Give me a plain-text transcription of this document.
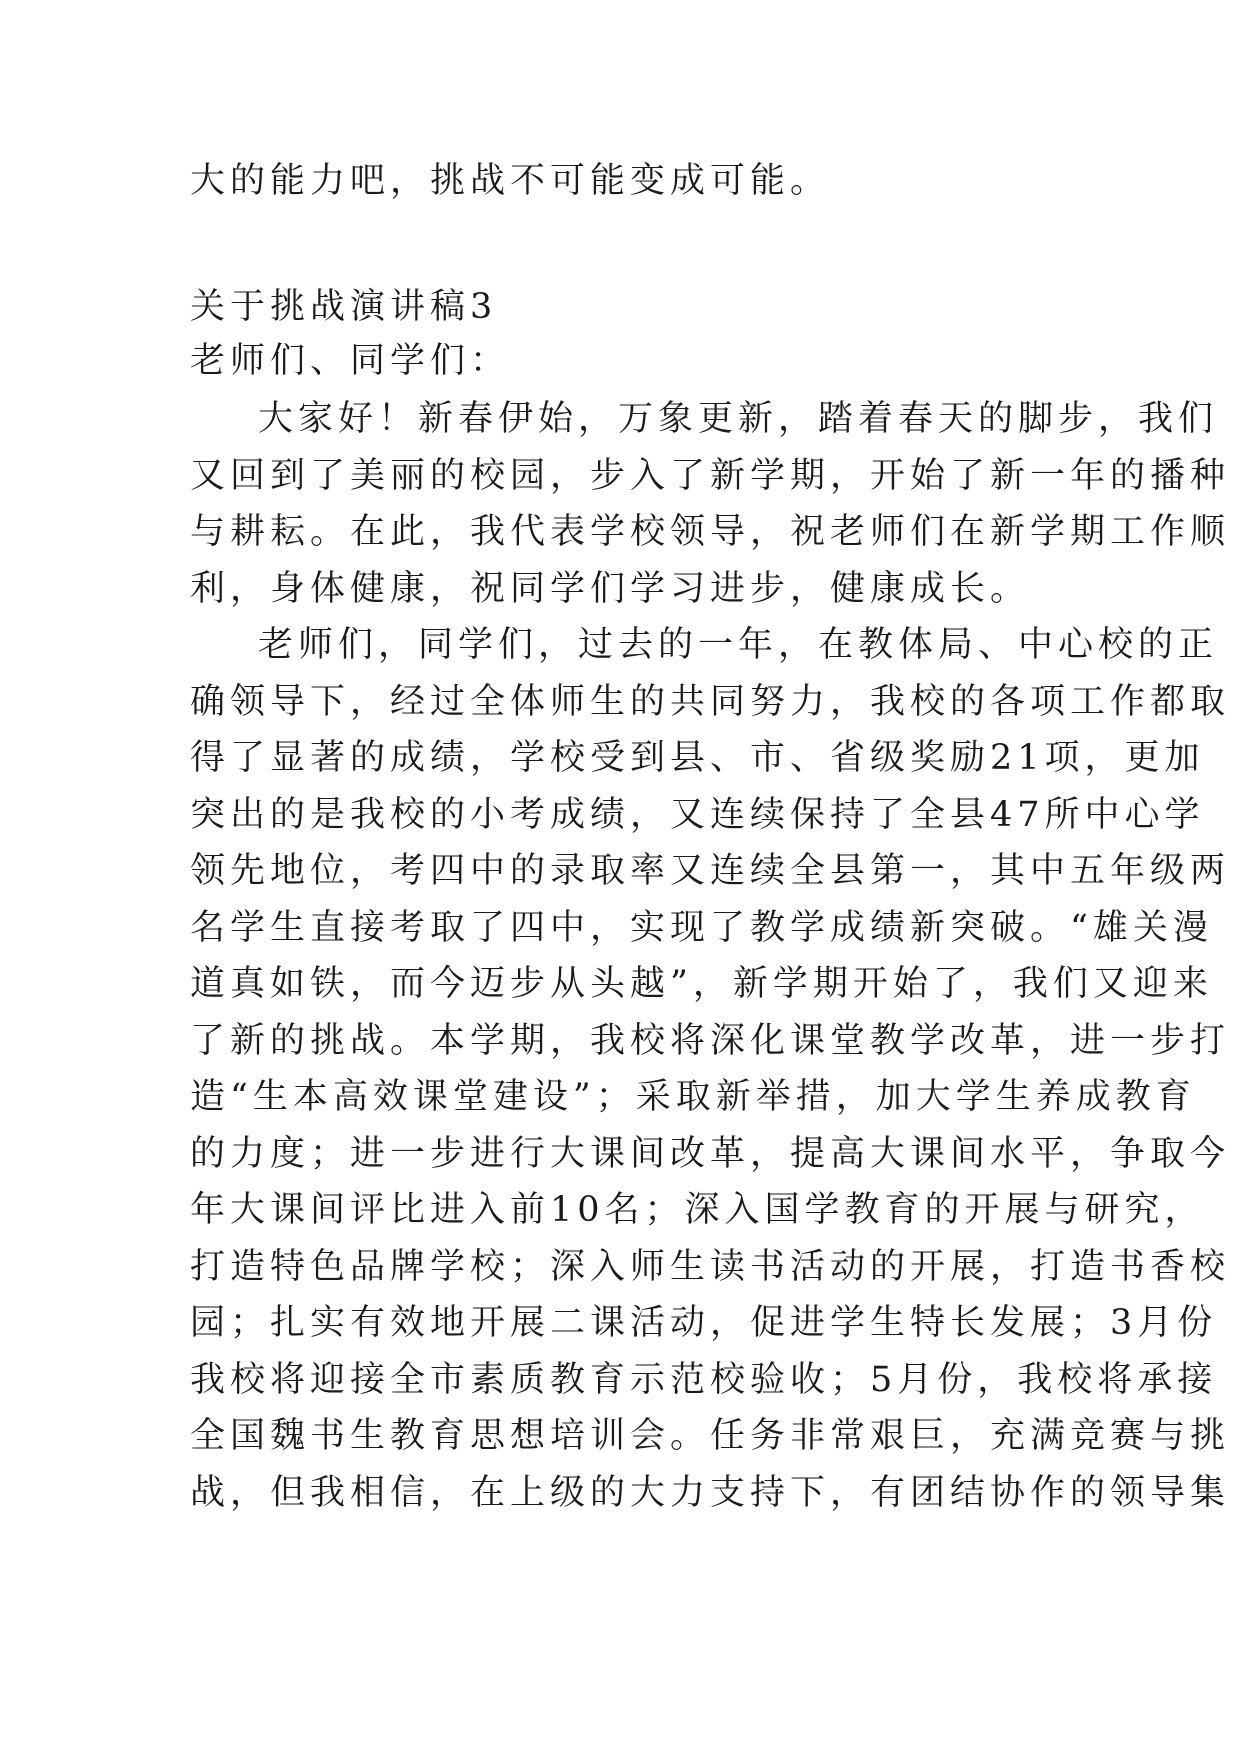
大的能力吧，挑战不可能变成可能。
关于挑战演讲稿3
老师们、同学们：
大家好！新春伊始，万象更新，踏着春天的脚步，我们
又回到了美丽的校园，步入了新学期，开始了新一年的播种
与耕耘。在此，我代表学校领导，祝老师们在新学期工作顺
利，身体健康，祝同学们学习进步，健康成长。
老师们，同学们，过去的一年，在教体局、中心校的正
确领导下，经过全体师生的共同努力，我校的各项工作都取
得了显著的成绩，学校受到县、市、省级奖励21项，更加
突出的是我校的小考成绩，又连续保持了全县47所中心学
领先地位，考四中的录取率又连续全县第一，其中五年级两
名学生直接考取了四中，实现了教学成绩新突破。“雄关漫
道真如铁，而今迈步从头越”，新学期开始了，我们又迎来
了新的挑战。本学期，我校将深化课堂教学改革，进一步打
造“生本高效课堂建设”；采取新举措，加大学生养成教育
的力度；进一步进行大课间改革，提高大课间水平，争取今
年大课间评比进入前10名；深入国学教育的开展与研究，
打造特色品牌学校；深入师生读书活动的开展，打造书香校
园；扎实有效地开展二课活动，促进学生特长发展；3月份
我校将迎接全市素质教育示范校验收；5月份，我校将承接
全国魏书生教育思想培训会。任务非常艰巨，充满竞赛与挑
战，但我相信，在上级的大力支持下，有团结协作的领导集
